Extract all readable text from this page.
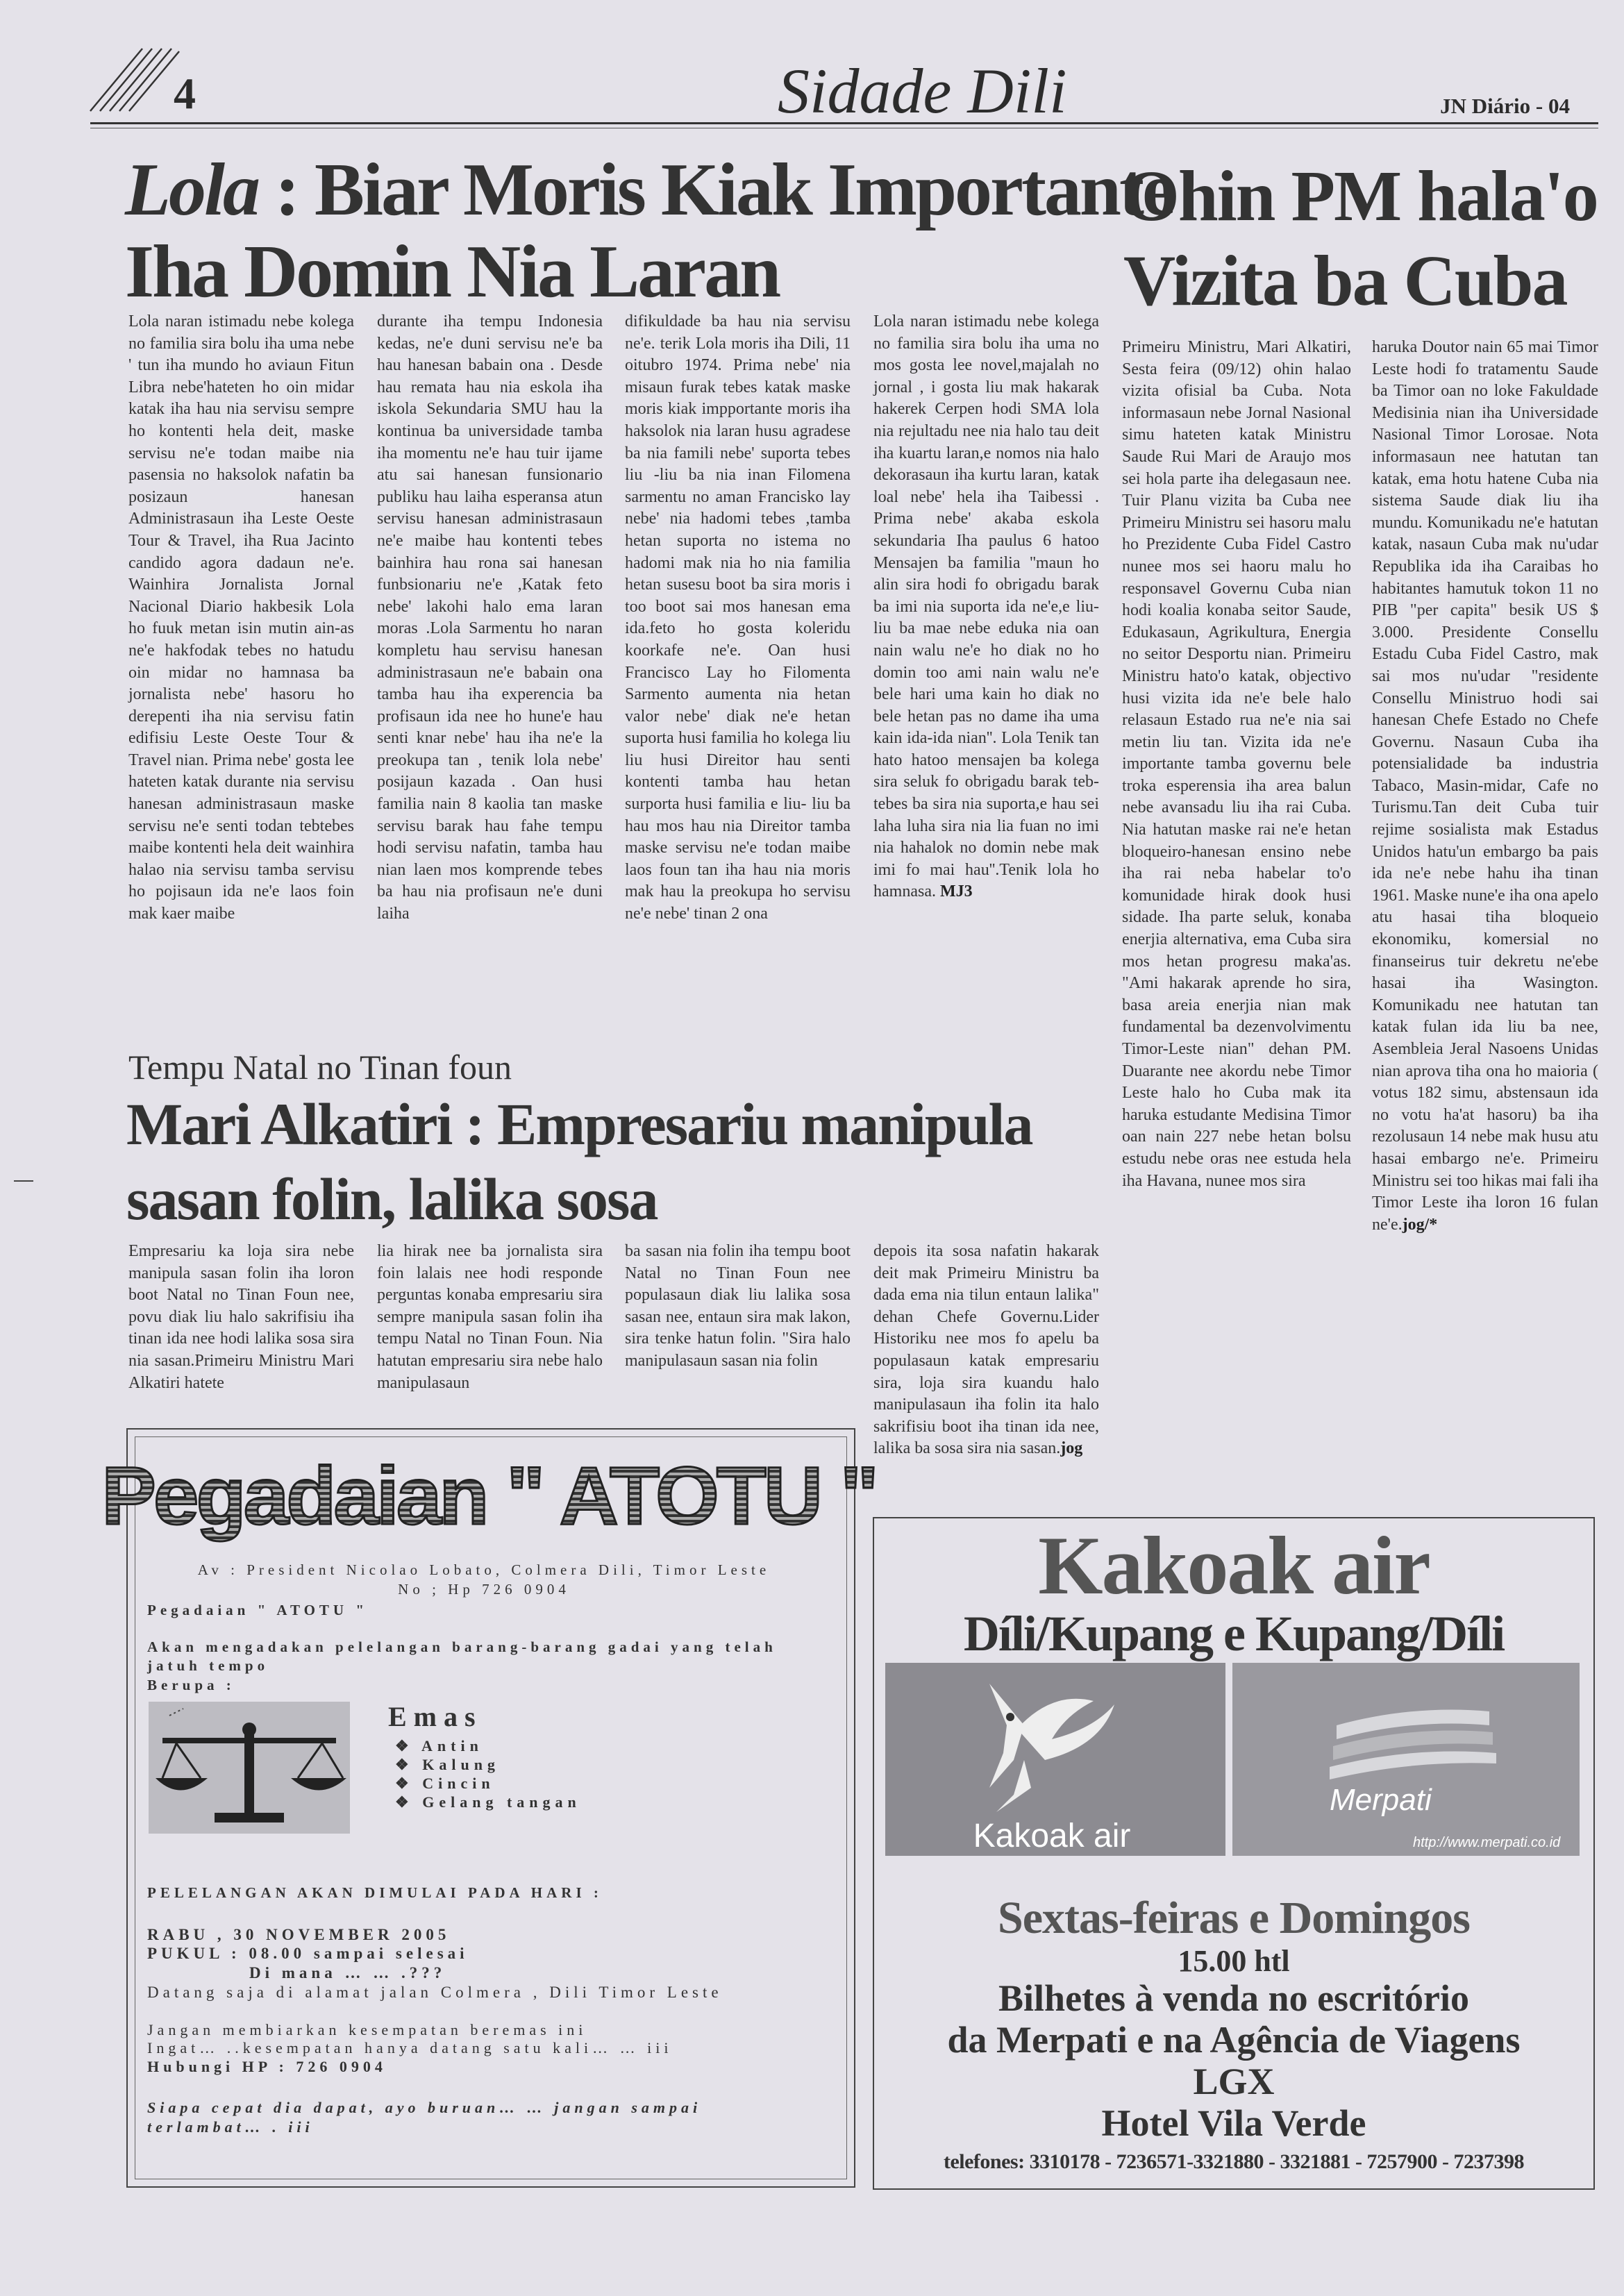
4	Sidade Dili	JN Diário - 04
Lola : Biar Moris Kiak Importante
Iha Domin Nia Laran

Lola naran istimadu nebe kolega no familia sira bolu iha uma nebe ' tun iha mundo ho aviaun Fitun Libra nebe'hateten ho oin midar katak iha hau nia servisu sempre ho kontenti hela deit, maske servisu ne'e todan maibe nia pasensia no haksolok nafatin ba posizaun hanesan Administrasaun iha Leste Oeste Tour & Travel, iha Rua Jacinto candido agora dadaun ne'e. Wainhira Jornalista Jornal Nacional Diario hakbesik Lola ho fuuk metan isin mutin ain-as ne'e hakfodak tebes no hatudu oin midar no hamnasa ba jornalista nebe' hasoru ho derepenti iha nia servisu fatin edifisiu Leste Oeste Tour & Travel nian. Prima nebe' gosta lee hateten katak durante nia servisu hanesan administrasaun maske servisu ne'e senti todan tebtebes maibe kontenti hela deit wainhira halao nia servisu tamba servisu ho pojisaun ida ne'e laos foin mak kaer maibe

durante iha tempu Indonesia kedas, ne'e duni servisu ne'e ba hau hanesan babain ona . Desde hau remata hau nia eskola iha iskola Sekundaria SMU hau la kontinua ba universidade tamba iha momentu ne'e hau tuir ijame atu sai hanesan funsionario publiku hau laiha esperansa atun servisu hanesan administrasaun ne'e maibe hau kontenti tebes bainhira hau rona sai hanesan funbsionariu ne'e ,Katak feto nebe' lakohi halo ema laran moras .Lola Sarmentu ho naran kompletu hau servisu hanesan administrasaun ne'e babain ona tamba hau iha experencia ba profisaun ida nee ho hune'e hau senti knar nebe' hau iha ne'e la preokupa tan , tenik lola nebe' posijaun kazada . Oan husi familia nain 8 kaolia tan maske servisu barak hau fahe tempu hodi servisu nafatin, tamba hau nian laen mos komprende tebes ba hau nia profisaun ne'e duni laiha

difikuldade ba hau nia servisu ne'e. terik Lola moris iha Dili, 11 oitubro 1974. Prima nebe' nia misaun furak tebes katak maske moris kiak impportante moris iha haksolok nia laran husu agradese ba nia famili nebe' suporta tebes liu -liu ba nia inan Filomena sarmentu no aman Francisko lay nebe' nia hadomi tebes ,tamba hetan suporta no istema no hadomi mak nia ho nia familia hetan susesu boot ba sira moris i too boot sai mos hanesan ema ida.feto ho gosta koleridu koorkafe ne'e. Oan husi Francisco Lay ho Filomenta Sarmento aumenta nia hetan valor nebe' diak ne'e hetan suporta husi familia ho kolega liu liu husi Direitor hau senti kontenti tamba hau hetan surporta husi familia e liu- liu ba hau mos hau nia Direitor tamba maske servisu ne'e todan maibe laos foun tan iha hau nia moris mak hau la preokupa ho servisu ne'e nebe' tinan 2 ona

Lola naran istimadu nebe kolega no familia sira bolu iha uma no mos gosta lee novel,majalah no jornal , i gosta liu mak hakarak hakerek Cerpen hodi SMA lola nia rejultadu nee nia halo tau deit iha kuartu laran,e nomos nia halo dekorasaun iha kurtu laran, katak loal nebe' hela iha Taibessi . Prima nebe' akaba eskola sekundaria Iha paulus 6 hatoo Mensajen ba familia ''maun ho alin sira hodi fo obrigadu barak ba imi nia suporta ida ne'e,e liu-liu ba mae nebe eduka nia oan nain walu ne'e ho diak no ho domin too ami nain walu ne'e bele hari uma kain ho diak no bele hetan pas no dame iha uma kain ida-ida nian''. Lola Tenik tan hato hatoo mensajen ba kolega sira seluk fo obrigadu barak teb-tebes ba sira nia suporta,e hau sei laha luha sira nia lia fuan no imi nia hahalok no domin nebe mak imi fo mai hau''.Tenik lola ho hamnasa. MJ3

Ohin PM hala'o
Vizita ba Cuba

Primeiru Ministru, Mari Alkatiri, Sesta feira (09/12) ohin halao vizita ofisial ba Cuba. Nota informasaun nebe Jornal Nasional simu hateten katak Ministru Saude Rui Mari de Araujo mos sei hola parte iha delegasaun nee. Tuir Planu vizita ba Cuba nee Primeiru Ministru sei hasoru malu ho Prezidente Cuba Fidel Castro nunee mos sei haoru malu ho responsavel Governu Cuba nian hodi koalia konaba seitor Saude, Edukasaun, Agrikultura, Energia no seitor Desportu nian. Primeiru Ministru hato'o katak, objectivo husi vizita ida ne'e bele halo relasaun Estado rua ne'e nia sai metin liu tan. Vizita ida ne'e importante tamba governu bele troka esperensia iha area balun nebe avansadu liu iha rai Cuba. Nia hatutan maske rai ne'e hetan bloqueiro-hanesan ensino nebe iha rai neba habelar to'o komunidade hirak dook husi sidade. Iha parte seluk, konaba enerjia alternativa, ema Cuba sira mos hetan progresu maka'as. "Ami hakarak aprende ho sira, basa areia enerjia nian mak fundamental ba dezenvolvimentu Timor-Leste nian" dehan PM. Duarante nee akordu nebe Timor Leste halo ho Cuba mak ita haruka estudante Medisina Timor oan nain 227 nebe hetan bolsu estudu nebe oras nee estuda hela iha Havana, nunee mos sira

haruka Doutor nain 65 mai Timor Leste hodi fo tratamentu Saude ba Timor oan no loke Fakuldade Medisinia nian iha Universidade Nasional Timor Lorosae. Nota informasaun nee hatutan tan katak, ema hotu hatene Cuba nia sistema Saude diak liu iha mundu. Komunikadu ne'e hatutan katak, nasaun Cuba mak nu'udar Republika ida iha Caraibas ho habitantes hamutuk tokon 11 no PIB "per capita" besik US $ 3.000. Presidente Consellu Estadu Cuba Fidel Castro, mak sai mos nu'udar "residente Consellu Ministruo hodi sai hanesan Chefe Estado no Chefe Governu. Nasaun Cuba iha potensialidade ba industria Tabaco, Masin-midar, Cafe no Turismu.Tan deit Cuba tuir rejime sosialista mak Estadus Unidos hatu'un embargo ba pais ida ne'e nebe hahu iha tinan 1961. Maske nune'e iha ona apelo atu hasai tiha bloqueio ekonomiku, komersial no finanseirus tuir dekretu ne'ebe hasai iha Wasington. Komunikadu nee hatutan tan katak fulan ida liu ba nee, Asembleia Jeral Nasoens Unidas nian aprova tiha ona ho maioria ( votus 182 simu, abstensaun ida no votu ha'at hasoru) ba iha rezolusaun 14 nebe mak husu atu hasai embargo ne'e. Primeiru Ministru sei too hikas mai fali iha Timor Leste iha loron 16 fulan ne'e.jog/*

Tempu Natal no Tinan foun
Mari Alkatiri : Empresariu manipula
sasan folin, lalika sosa

Empresariu ka loja sira nebe manipula sasan folin iha loron boot Natal no Tinan Foun nee, povu diak liu halo sakrifisiu iha tinan ida nee hodi lalika sosa sira nia sasan.Primeiru Ministru Mari Alkatiri hatete

lia hirak nee ba jornalista sira foin lalais nee hodi responde perguntas konaba empresariu sira sempre manipula sasan folin iha tempu Natal no Tinan Foun. Nia hatutan empresariu sira nebe halo manipulasaun

ba sasan nia folin iha tempu boot Natal no Tinan Foun nee populasaun diak liu lalika sosa sasan nee, entaun sira mak lakon, sira tenke hatun folin. "Sira halo manipulasaun sasan nia folin

depois ita sosa nafatin hakarak deit mak Primeiru Ministru ba dada ema nia tilun entaun lalika" dehan Chefe Governu.Lider Historiku nee mos fo apelu ba populasaun katak empresariu sira, loja sira kuandu halo manipulasaun iha folin ita halo sakrifisiu boot iha tinan ida nee, lalika ba sosa sira nia sasan.jog

Pegadaian " ATOTU "
Av : President Nicolao Lobato, Colmera Dili, Timor Leste
No ; Hp 726 0904
Pegadaian " ATOTU "
Akan mengadakan pelelangan barang-barang gadai yang telah jatuh tempo
Berupa :
Emas
❖ Antin
❖ Kalung
❖ Cincin
❖ Gelang tangan
PELELANGAN AKAN DIMULAI PADA HARI :
RABU , 30 NOVEMBER 2005
PUKUL : 08.00 sampai selesai
Di mana … … .???
Datang saja di alamat jalan Colmera , Dili Timor Leste
Jangan membiarkan kesempatan beremas ini
Ingat… ..kesempatan hanya datang satu kali… … iii
Hubungi HP : 726 0904
Siapa cepat dia dapat, ayo buruan… … jangan sampai
terlambat… . iii
Kakoak air
Díli/Kupang e Kupang/Díli
Kakoak air
Merpati
http://www.merpati.co.id
Sextas-feiras e Domingos
15.00 htl
Bilhetes à venda no escritório
da Merpati e na Agência de Viagens
LGX
Hotel Vila Verde
telefones: 3310178 - 7236571-3321880 - 3321881 - 7257900 - 7237398
